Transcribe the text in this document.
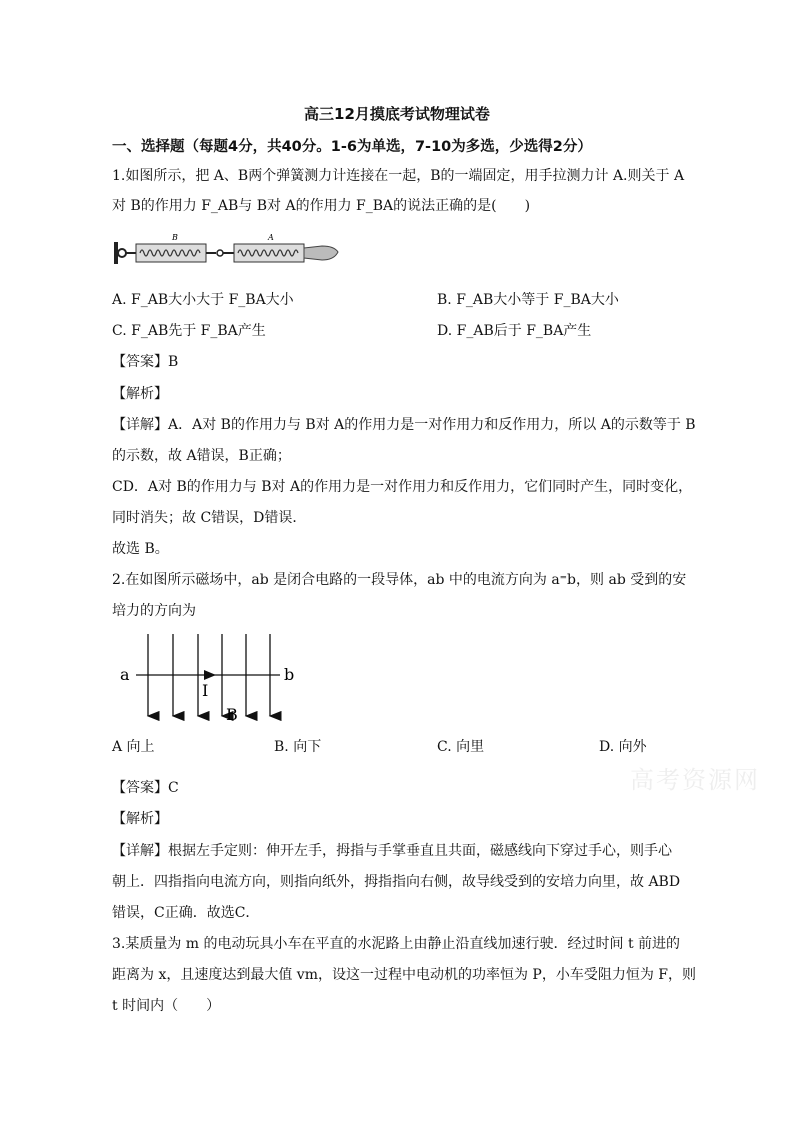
高三12月摸底考试物理试卷
一、选择题（每题4分，共40分。1-6为单选，7-10为多选，少选得2分）
1.如图所示，把 A、B两个弹簧测力计连接在一起，B的一端固定，用手拉测力计 A.则关于 A
对 B的作用力 F_AB与 B对 A的作用力 F_BA的说法正确的是(　　)
B	A
A. F_AB大小大于 F_BA大小	B. F_AB大小等于 F_BA大小
C. F_AB先于 F_BA产生	D. F_AB后于 F_BA产生
【答案】B
【解析】
【详解】A．A对 B的作用力与 B对 A的作用力是一对作用力和反作用力，所以 A的示数等于 B
的示数，故 A错误，B正确；
CD．A对 B的作用力与 B对 A的作用力是一对作用力和反作用力，它们同时产生，同时变化，
同时消失；故 C错误，D错误．
故选 B。
2.在如图所示磁场中，ab 是闭合电路的一段导体，ab 中的电流方向为 a⁼b，则 ab 受到的安
培力的方向为
a	b
I
B
A 向上	B. 向下	C. 向里	D. 向外
高考资源网
【答案】C
【解析】
【详解】根据左手定则：伸开左手，拇指与手掌垂直且共面，磁感线向下穿过手心，则手心
朝上．四指指向电流方向，则指向纸外，拇指指向右侧，故导线受到的安培力向里，故 ABD
错误，C正确．故选C．
3.某质量为 m 的电动玩具小车在平直的水泥路上由静止沿直线加速行驶．经过时间 t 前进的
距离为 x，且速度达到最大值 vm，设这一过程中电动机的功率恒为 P，小车受阻力恒为 F，则
t 时间内（　　）
